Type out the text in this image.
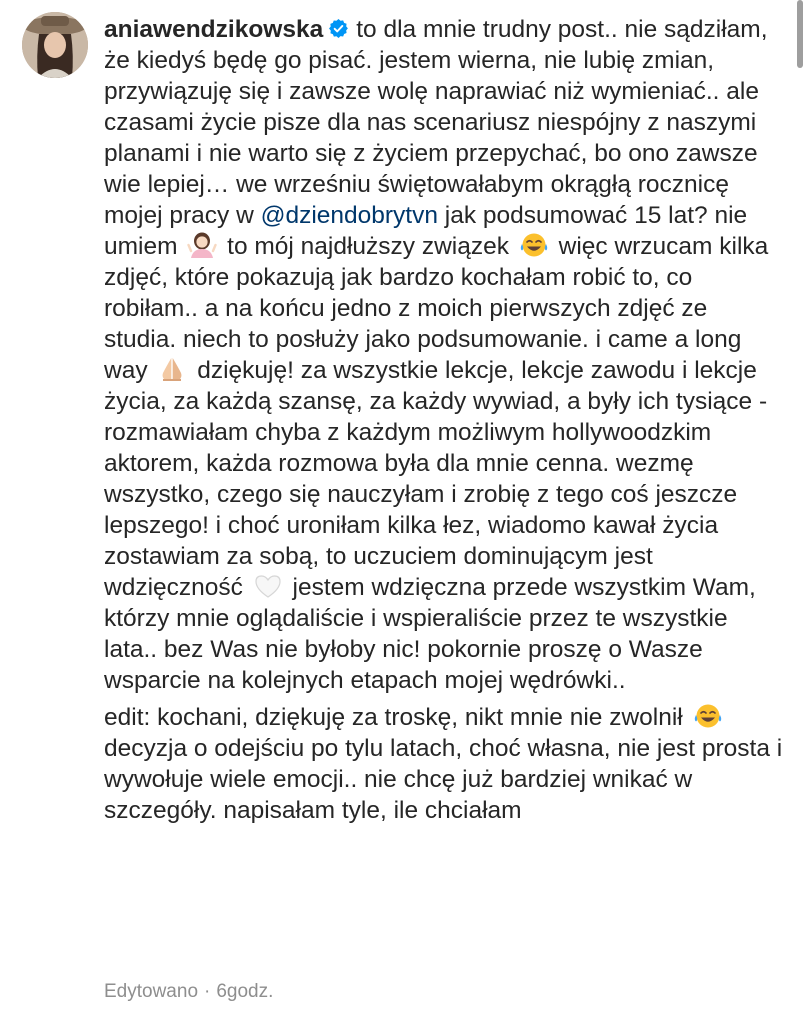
aniawendzikowska to dla mnie trudny post.. nie sądziłam, że kiedyś będę go pisać. jestem wierna, nie lubię zmian, przywiązuję się i zawsze wolę naprawiać niż wymieniać.. ale czasami życie pisze dla nas scenariusz niespójny z naszymi planami i nie warto się z życiem przepychać, bo ono zawsze wie lepiej… we wrześniu świętowałabym okrągłą rocznicę mojej pracy w @dziendobrytvn jak podsumować 15 lat? nie umiem  to mój najdłuższy związek  więc wrzucam kilka zdjęć, które pokazują jak bardzo kochałam robić to, co robiłam.. a na końcu jedno z moich pierwszych zdjęć ze studia. niech to posłuży jako podsumowanie. i came a long way  dziękuję! za wszystkie lekcje, lekcje zawodu i lekcje życia, za każdą szansę, za każdy wywiad, a były ich tysiące - rozmawiałam chyba z każdym możliwym hollywoodzkim aktorem, każda rozmowa była dla mnie cenna. wezmę wszystko, czego się nauczyłam i zrobię z tego coś jeszcze lepszego! i choć uroniłam kilka łez, wiadomo kawał życia zostawiam za sobą, to uczuciem dominującym jest wdzięczność  jestem wdzięczna przede wszystkim Wam, którzy mnie oglądaliście i wspieraliście przez te wszystkie lata.. bez Was nie byłoby nic! pokornie proszę o Wasze wsparcie na kolejnych etapach mojej wędrówki..

edit: kochani, dziękuję za troskę, nikt mnie nie zwolnił  decyzja o odejściu po tylu latach, choć własna, nie jest prosta i wywołuje wiele emocji.. nie chcę już bardziej wnikać w szczegóły. napisałam tyle, ile chciałam

Edytowano · 6godz.
